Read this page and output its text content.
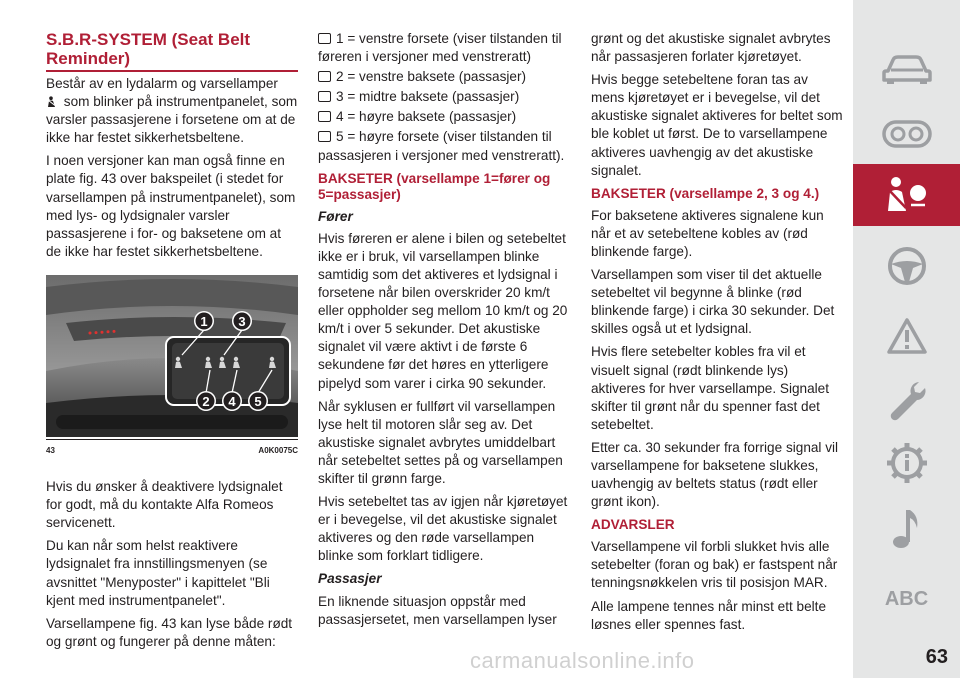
S.B.R-SYSTEM (Seat Belt Reminder)

Består av en lydalarm og varsellamper
som blinker på instrumentpanelet, som varsler passasjerene i forsetene om at de ikke har festet sikkerhetsbeltene.

I noen versjoner kan man også finne en plate fig. 43 over bakspeilet (i stedet for varsellampen på instrumentpanelet), som med lys- og lydsignaler varsler passasjerene i for- og baksetene om at de ikke har festet sikkerhetsbeltene.

1 3
2 4 5
43	A0K0075C

Hvis du ønsker å deaktivere lydsignalet for godt, må du kontakte Alfa Romeos servicenett.

Du kan når som helst reaktivere lydsignalet fra innstillingsmenyen (se avsnittet "Menyposter" i kapittelet "Bli kjent med instrumentpanelet".

Varsellampene fig. 43 kan lyse både rødt og grønt og fungerer på denne måten:

1 = venstre forsete (viser tilstanden til føreren i versjoner med venstreratt)
2 = venstre baksete (passasjer)
3 = midtre baksete (passasjer)
4 = høyre baksete (passasjer)
5 = høyre forsete (viser tilstanden til passasjeren i versjoner med venstreratt).
BAKSETER (varsellampe 1=fører og 5=passasjer)
Fører

Hvis føreren er alene i bilen og setebeltet ikke er i bruk, vil varsellampen blinke samtidig som det aktiveres et lydsignal i forsetene når bilen overskrider 20 km/t eller oppholder seg mellom 10 km/t og 20 km/t i over 5 sekunder. Det akustiske signalet vil være aktivt i de første 6 sekundene før det høres en ytterligere pipelyd som varer i cirka 90 sekunder.

Når syklusen er fullført vil varsellampen lyse helt til motoren slår seg av. Det akustiske signalet avbrytes umiddelbart når setebeltet settes på og varsellampen skifter til grønn farge.

Hvis setebeltet tas av igjen når kjøretøyet er i bevegelse, vil det akustiske signalet aktiveres og den røde varsellampen blinke som forklart tidligere.

Passasjer

En liknende situasjon oppstår med passasjersetet, men varsellampen lyser

grønt og det akustiske signalet avbrytes når passasjeren forlater kjøretøyet.

Hvis begge setebeltene foran tas av mens kjøretøyet er i bevegelse, vil det akustiske signalet aktiveres for beltet som ble koblet ut først. De to varsellampene aktiveres uavhengig av det akustiske signalet.

BAKSETER (varsellampe 2, 3 og 4.)

For baksetene aktiveres signalene kun når et av setebeltene kobles av (rød blinkende farge).

Varsellampen som viser til det aktuelle setebeltet vil begynne å blinke (rød blinkende farge) i cirka 30 sekunder. Det skilles også ut et lydsignal.

Hvis flere setebelter kobles fra vil et visuelt signal (rødt blinkende lys) aktiveres for hver varsellampe. Signalet skifter til grønt når du spenner fast det setebeltet.

Etter ca. 30 sekunder fra forrige signal vil varsellampene for baksetene slukkes, uavhengig av beltets status (rødt eller grønt ikon).

ADVARSLER

Varsellampene vil forbli slukket hvis alle setebelter (foran og bak) er fastspent når tenningsnøkkelen vris til posisjon MAR.

Alle lampene tennes når minst ett belte løsnes eller spennes fast.

ABC
carmanualsonline.info	63
